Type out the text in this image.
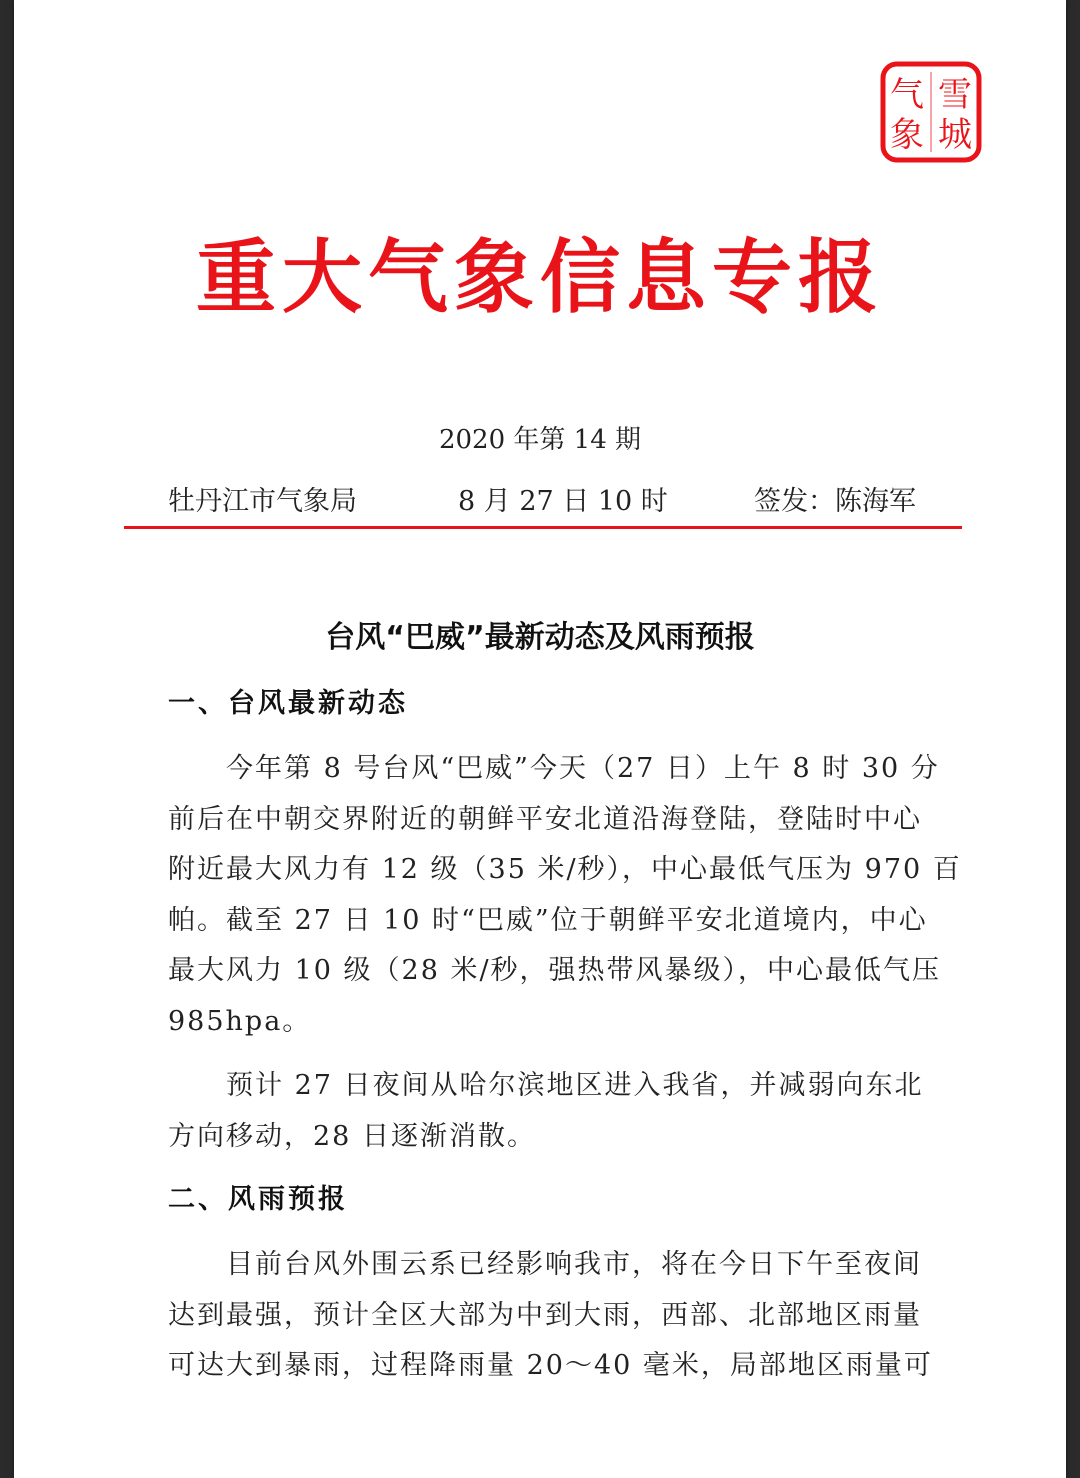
雪
城
气
象
重大气象信息专报
2020 年第 14 期
牡丹江市气象局	8 月 27 日 10 时	签发：陈海军
台风“巴威”最新动态及风雨预报
一、台风最新动态
今年第 8 号台风“巴威”今天（27 日）上午 8 时 30 分
前后在中朝交界附近的朝鲜平安北道沿海登陆，登陆时中心
附近最大风力有 12 级（35 米/秒），中心最低气压为 970 百
帕。截至 27 日 10 时“巴威”位于朝鲜平安北道境内，中心
最大风力 10 级（28 米/秒，强热带风暴级），中心最低气压
985hpa。
预计 27 日夜间从哈尔滨地区进入我省，并减弱向东北
方向移动，28 日逐渐消散。
二、风雨预报
目前台风外围云系已经影响我市，将在今日下午至夜间
达到最强，预计全区大部为中到大雨，西部、北部地区雨量
可达大到暴雨，过程降雨量 20～40 毫米，局部地区雨量可
